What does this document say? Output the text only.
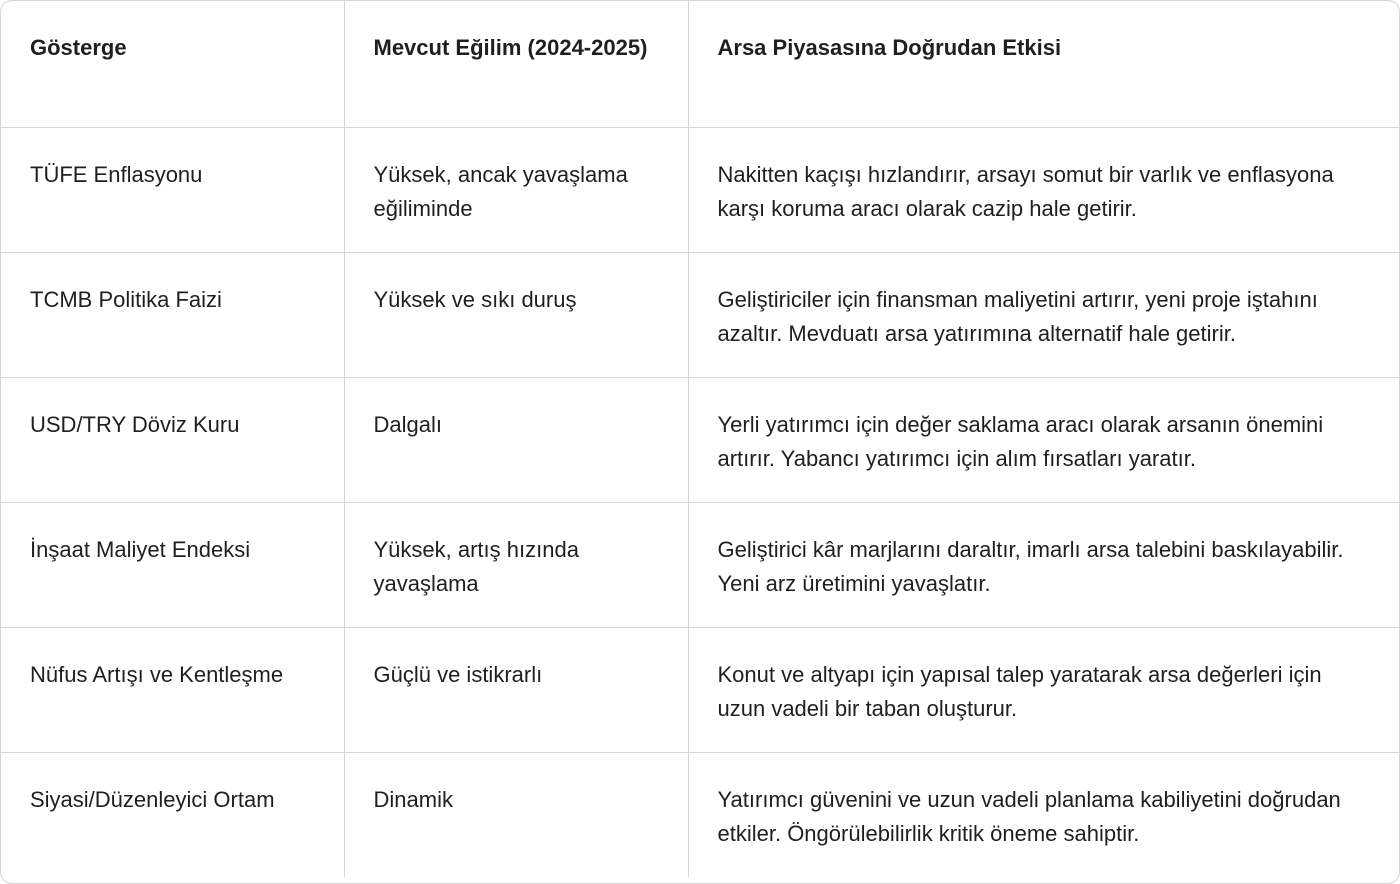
Gösterge	Mevcut Eğilim (2024-2025)	Arsa Piyasasına Doğrudan Etkisi
TÜFE Enflasyonu	Yüksek, ancak yavaşlama eğiliminde	Nakitten kaçışı hızlandırır, arsayı somut bir varlık ve enflasyona karşı koruma aracı olarak cazip hale getirir.
TCMB Politika Faizi	Yüksek ve sıkı duruş	Geliştiriciler için finansman maliyetini artırır, yeni proje iştahını azaltır. Mevduatı arsa yatırımına alternatif hale getirir.
USD/TRY Döviz Kuru	Dalgalı	Yerli yatırımcı için değer saklama aracı olarak arsanın önemini artırır. Yabancı yatırımcı için alım fırsatları yaratır.
İnşaat Maliyet Endeksi	Yüksek, artış hızında yavaşlama	Geliştirici kâr marjlarını daraltır, imarlı arsa talebini baskılayabilir. Yeni arz üretimini yavaşlatır.
Nüfus Artışı ve Kentleşme	Güçlü ve istikrarlı	Konut ve altyapı için yapısal talep yaratarak arsa değerleri için uzun vadeli bir taban oluşturur.
Siyasi/Düzenleyici Ortam	Dinamik	Yatırımcı güvenini ve uzun vadeli planlama kabiliyetini doğrudan etkiler. Öngörülebilirlik kritik öneme sahiptir.
